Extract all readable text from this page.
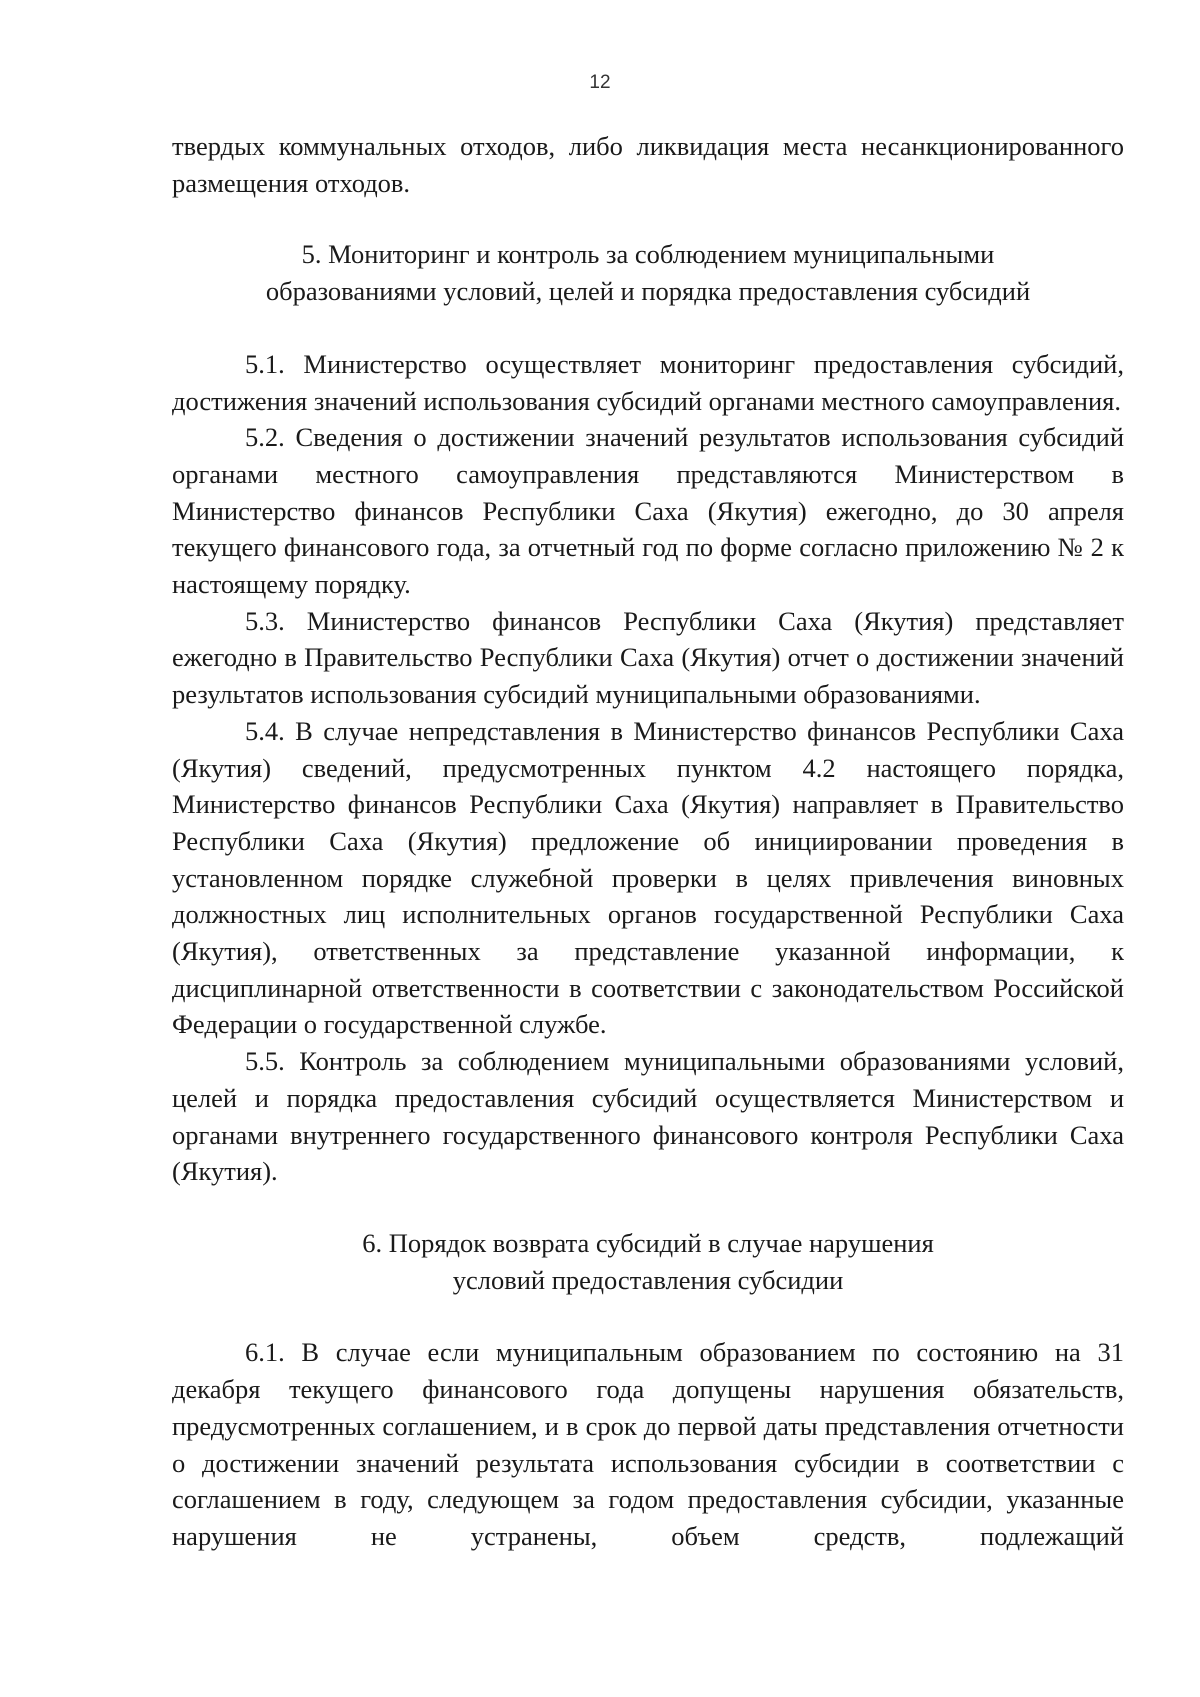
12

твердых коммунальных отходов, либо ликвидация места несанкционированного размещения отходов.

5. Мониторинг и контроль за соблюдением муниципальными
образованиями условий, целей и порядка предоставления субсидий

5.1. Министерство осуществляет мониторинг предоставления субсидий, достижения значений использования субсидий органами местного самоуправления.

5.2. Сведения о достижении значений результатов использования субсидий органами местного самоуправления представляются Министерством в Министерство финансов Республики Саха (Якутия) ежегодно, до 30 апреля текущего финансового года, за отчетный год по форме согласно приложению № 2 к настоящему порядку.

5.3. Министерство финансов Республики Саха (Якутия) представляет ежегодно в Правительство Республики Саха (Якутия) отчет о достижении значений результатов использования субсидий муниципальными образованиями.

5.4. В случае непредставления в Министерство финансов Республики Саха (Якутия) сведений, предусмотренных пунктом 4.2 настоящего порядка, Министерство финансов Республики Саха (Якутия) направляет в Правительство Республики Саха (Якутия) предложение об инициировании проведения в установленном порядке служебной проверки в целях привлечения виновных должностных лиц исполнительных органов государственной Республики Саха (Якутия), ответственных за представление указанной информации, к дисциплинарной ответственности в соответствии с законодательством Российской Федерации о государственной службе.

5.5. Контроль за соблюдением муниципальными образованиями условий, целей и порядка предоставления субсидий осуществляется Министерством и органами внутреннего государственного финансового контроля Республики Саха (Якутия).

6. Порядок возврата субсидий в случае нарушения
условий предоставления субсидии

6.1. В случае если муниципальным образованием по состоянию на 31 декабря текущего финансового года допущены нарушения обязательств, предусмотренных соглашением, и в срок до первой даты представления отчетности о достижении значений результата использования субсидии в соответствии с соглашением в году, следующем за годом предоставления субсидии, указанные нарушения не устранены, объем средств, подлежащий
